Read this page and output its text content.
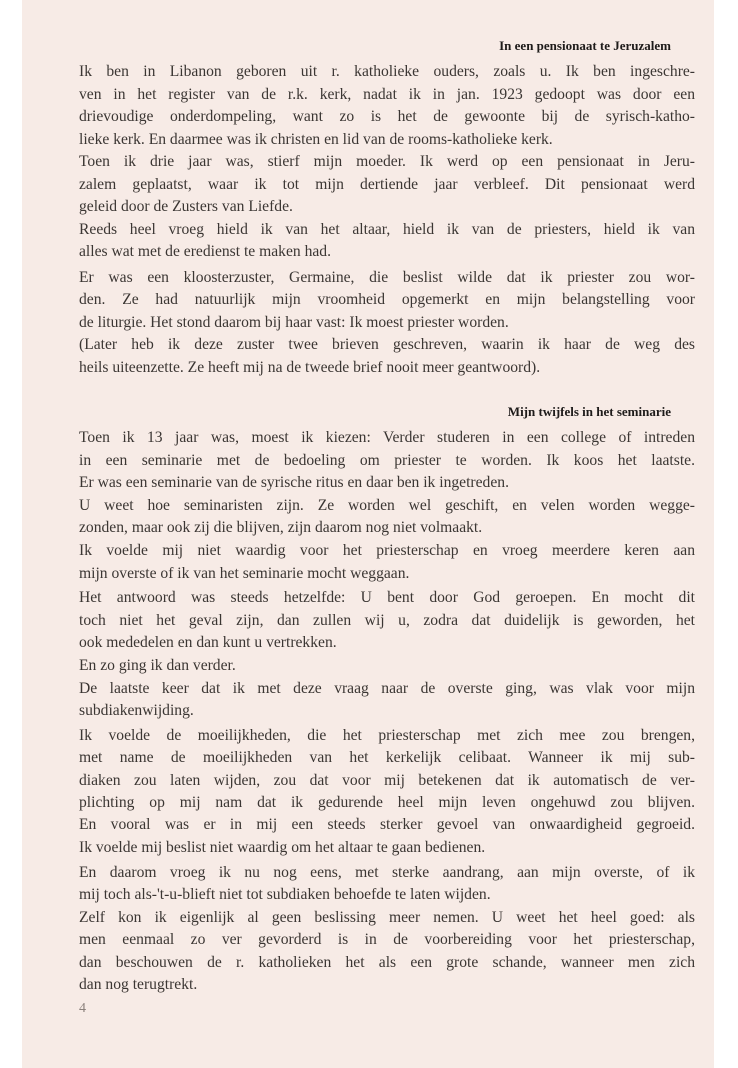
In een pensionaat te Jeruzalem
Ik ben in Libanon geboren uit r. katholieke ouders, zoals u. Ik ben ingeschre-
ven in het register van de r.k. kerk, nadat ik in jan. 1923 gedoopt was door een
drievoudige onderdompeling, want zo is het de gewoonte bij de syrisch-katho-
lieke kerk. En daarmee was ik christen en lid van de rooms-katholieke kerk.
Toen ik drie jaar was, stierf mijn moeder. Ik werd op een pensionaat in Jeru-
zalem geplaatst, waar ik tot mijn dertiende jaar verbleef. Dit pensionaat werd
geleid door de Zusters van Liefde.
Reeds heel vroeg hield ik van het altaar, hield ik van de priesters, hield ik van
alles wat met de eredienst te maken had.
Er was een kloosterzuster, Germaine, die beslist wilde dat ik priester zou wor-
den. Ze had natuurlijk mijn vroomheid opgemerkt en mijn belangstelling voor
de liturgie. Het stond daarom bij haar vast: Ik moest priester worden.
(Later heb ik deze zuster twee brieven geschreven, waarin ik haar de weg des
heils uiteenzette. Ze heeft mij na de tweede brief nooit meer geantwoord).
Mijn twijfels in het seminarie
Toen ik 13 jaar was, moest ik kiezen: Verder studeren in een college of intreden
in een seminarie met de bedoeling om priester te worden. Ik koos het laatste.
Er was een seminarie van de syrische ritus en daar ben ik ingetreden.
U weet hoe seminaristen zijn. Ze worden wel geschift, en velen worden wegge-
zonden, maar ook zij die blijven, zijn daarom nog niet volmaakt.
Ik voelde mij niet waardig voor het priesterschap en vroeg meerdere keren aan
mijn overste of ik van het seminarie mocht weggaan.
Het antwoord was steeds hetzelfde: U bent door God geroepen. En mocht dit
toch niet het geval zijn, dan zullen wij u, zodra dat duidelijk is geworden, het
ook mededelen en dan kunt u vertrekken.
En zo ging ik dan verder.
De laatste keer dat ik met deze vraag naar de overste ging, was vlak voor mijn
subdiakenwijding.
Ik voelde de moeilijkheden, die het priesterschap met zich mee zou brengen,
met name de moeilijkheden van het kerkelijk celibaat. Wanneer ik mij sub-
diaken zou laten wijden, zou dat voor mij betekenen dat ik automatisch de ver-
plichting op mij nam dat ik gedurende heel mijn leven ongehuwd zou blijven.
En vooral was er in mij een steeds sterker gevoel van onwaardigheid gegroeid.
Ik voelde mij beslist niet waardig om het altaar te gaan bedienen.
En daarom vroeg ik nu nog eens, met sterke aandrang, aan mijn overste, of ik
mij toch als-'t-u-blieft niet tot subdiaken behoefde te laten wijden.
Zelf kon ik eigenlijk al geen beslissing meer nemen. U weet het heel goed: als
men eenmaal zo ver gevorderd is in de voorbereiding voor het priesterschap,
dan beschouwen de r. katholieken het als een grote schande, wanneer men zich
dan nog terugtrekt.
4
